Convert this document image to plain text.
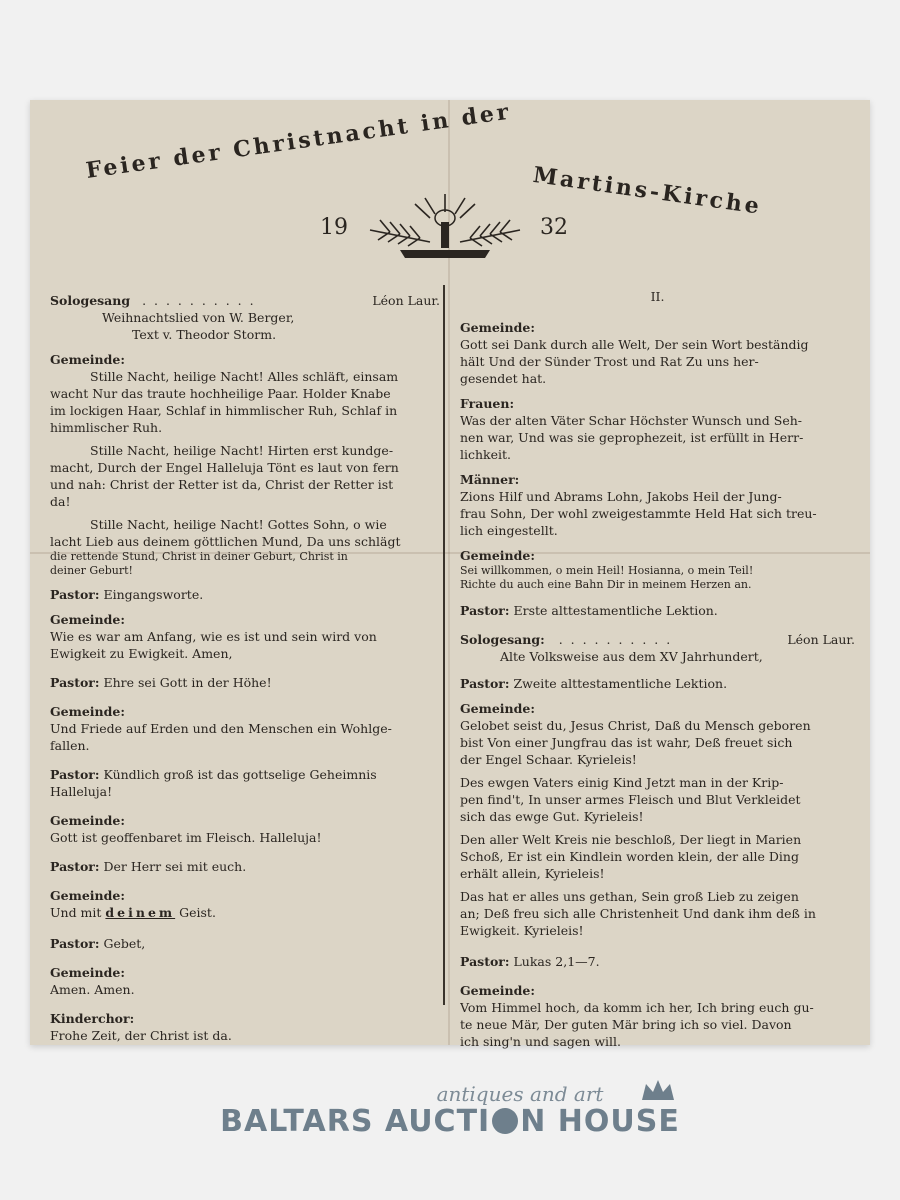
Feier der Christnacht in der
Martins-Kirche
19	32
Sologesang . . . . . . . . . .	Léon Laur.
Weihnachtslied von W. Berger,
Text v. Theodor Storm.
Gemeinde:
Stille Nacht, heilige Nacht! Alles schläft, einsam
wacht Nur das traute hochheilige Paar. Holder Knabe
im lockigen Haar, Schlaf in himmlischer Ruh, Schlaf in
himmlischer Ruh.
Stille Nacht, heilige Nacht! Hirten erst kundge-
macht, Durch der Engel Halleluja Tönt es laut von fern
und nah: Christ der Retter ist da, Christ der Retter ist
da!
Stille Nacht, heilige Nacht! Gottes Sohn, o wie
lacht Lieb aus deinem göttlichen Mund, Da uns schlägt
die rettende Stund, Christ in deiner Geburt, Christ in
deiner Geburt!
Pastor: Eingangsworte.
Gemeinde:
Wie es war am Anfang, wie es ist und sein wird von
Ewigkeit zu Ewigkeit. Amen,
Pastor: Ehre sei Gott in der Höhe!
Gemeinde:
Und Friede auf Erden und den Menschen ein Wohlge-
fallen.
Pastor: Kündlich groß ist das gottselige Geheimnis
Halleluja!
Gemeinde:
Gott ist geoffenbaret im Fleisch. Halleluja!
Pastor: Der Herr sei mit euch.
Gemeinde:
Und mit deinem Geist.
Pastor: Gebet,
Gemeinde:
Amen. Amen.
Kinderchor:
Frohe Zeit, der Christ ist da.
II.
Gemeinde:
Gott sei Dank durch alle Welt, Der sein Wort beständig
hält Und der Sünder Trost und Rat Zu uns her-
gesendet hat.
Frauen:
Was der alten Väter Schar Höchster Wunsch und Seh-
nen war, Und was sie geprophezeit, ist erfüllt in Herr-
lichkeit.
Männer:
Zions Hilf und Abrams Lohn, Jakobs Heil der Jung-
frau Sohn, Der wohl zweigestammte Held Hat sich treu-
lich eingestellt.
Gemeinde:
Sei willkommen, o mein Heil! Hosianna, o mein Teil!
Richte du auch eine Bahn Dir in meinem Herzen an.
Pastor: Erste alttestamentliche Lektion.
Sologesang: . . . . . . . . . .	Léon Laur.
Alte Volksweise aus dem XV Jahrhundert,
Pastor: Zweite alttestamentliche Lektion.
Gemeinde:
Gelobet seist du, Jesus Christ, Daß du Mensch geboren
bist Von einer Jungfrau das ist wahr, Deß freuet sich
der Engel Schaar. Kyrieleis!
Des ewgen Vaters einig Kind Jetzt man in der Krip-
pen find't, In unser armes Fleisch und Blut Verkleidet
sich das ewge Gut. Kyrieleis!
Den aller Welt Kreis nie beschloß, Der liegt in Marien
Schoß, Er ist ein Kindlein worden klein, der alle Ding
erhält allein, Kyrieleis!
Das hat er alles uns gethan, Sein groß Lieb zu zeigen
an; Deß freu sich alle Christenheit Und dank ihm deß in
Ewigkeit. Kyrieleis!
Pastor: Lukas 2,1—7.
Gemeinde:
Vom Himmel hoch, da komm ich her, Ich bring euch gu-
te neue Mär, Der guten Mär bring ich so viel. Davon
ich sing'n und sagen will.
antiques and art
BALTARS AUCTI N HOUSE
